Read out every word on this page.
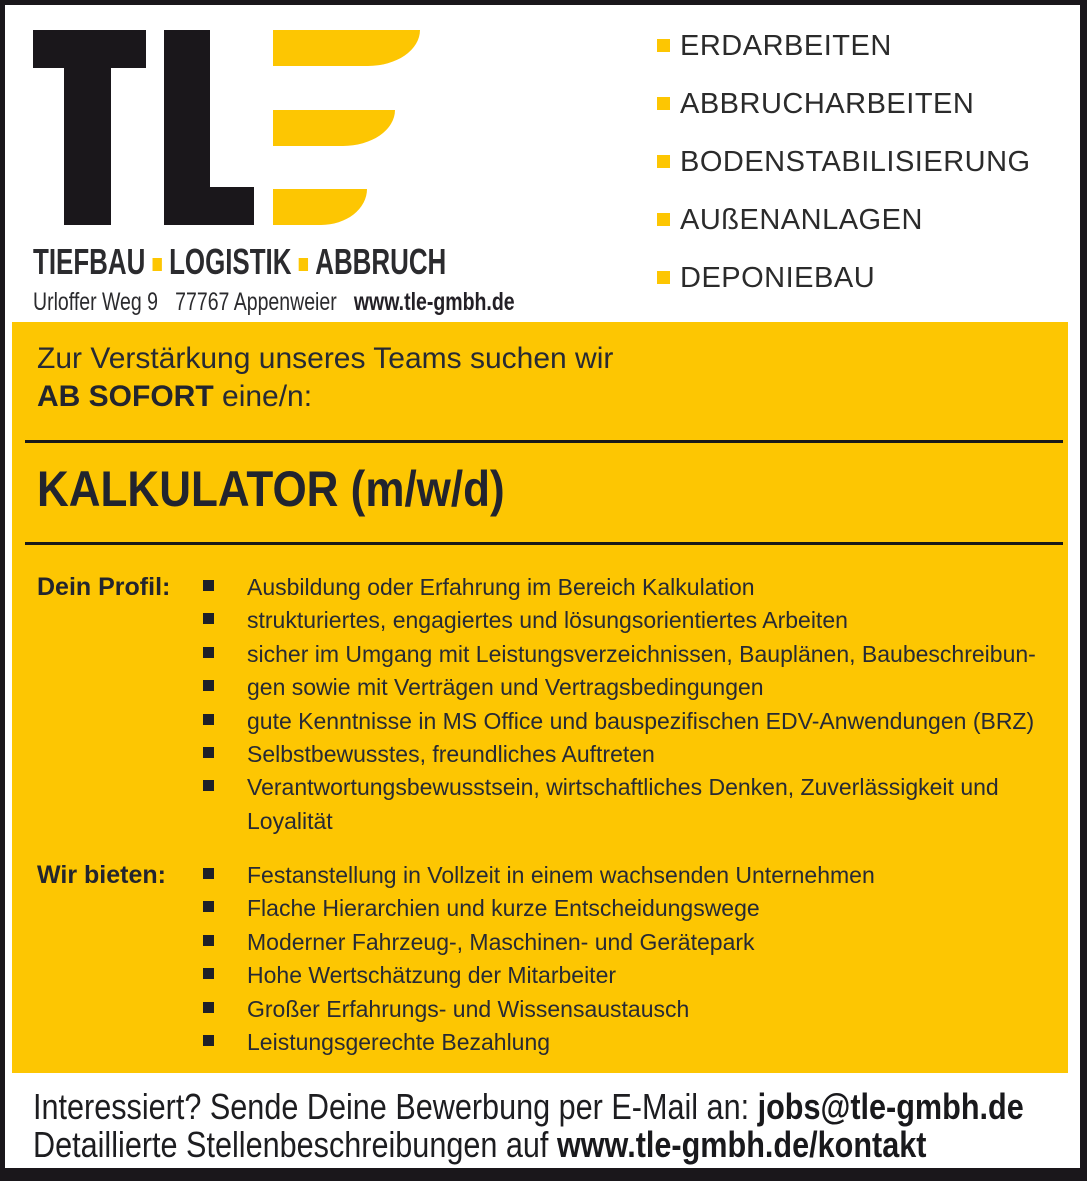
TIEFBAU LOGISTIK ABBRUCH
Urloffer Weg 9 77767 Appenweier www.tle-gmbh.de
ERDARBEITEN
ABBRUCHARBEITEN
BODENSTABILISIERUNG
AUßENANLAGEN
DEPONIEBAU
Zur Verstärkung unseres Teams suchen wir
AB SOFORT eine/n:
KALKULATOR (m/w/d)
Dein Profil:	Ausbildung oder Erfahrung im Bereich Kalkulation
strukturiertes, engagiertes und lösungsorientiertes Arbeiten
sicher im Umgang mit Leistungsverzeichnissen, Bauplänen, Baubeschreibun-
gen sowie mit Verträgen und Vertragsbedingungen
gute Kenntnisse in MS Office und bauspezifischen EDV-Anwendungen (BRZ)
Selbstbewusstes, freundliches Auftreten
Verantwortungsbewusstsein, wirtschaftliches Denken, Zuverlässigkeit und Loyalität
Wir bieten:	Festanstellung in Vollzeit in einem wachsenden Unternehmen
Flache Hierarchien und kurze Entscheidungswege
Moderner Fahrzeug-, Maschinen- und Gerätepark
Hohe Wertschätzung der Mitarbeiter
Großer Erfahrungs- und Wissensaustausch
Leistungsgerechte Bezahlung
Interessiert? Sende Deine Bewerbung per E-Mail an: jobs@tle-gmbh.de
Detaillierte Stellenbeschreibungen auf www.tle-gmbh.de/kontakt
